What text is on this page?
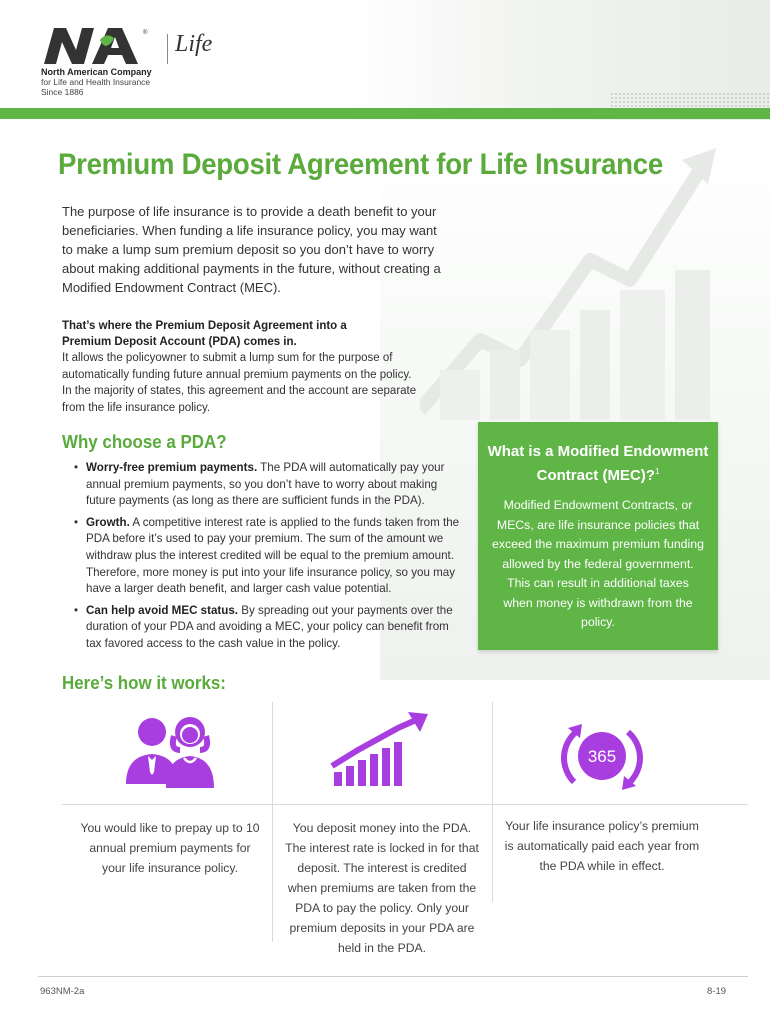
® Life
North American Company
for Life and Health Insurance
Since 1886
Premium Deposit Agreement for Life Insurance

The purpose of life insurance is to provide a death benefit to your beneficiaries. When funding a life insurance policy, you may want to make a lump sum premium deposit so you don’t have to worry about making additional payments in the future, without creating a Modified Endowment Contract (MEC).

That’s where the Premium Deposit Agreement into a Premium Deposit Account (PDA) comes in.

It allows the policyowner to submit a lump sum for the purpose of automatically funding future annual premium payments on the policy. In the majority of states, this agreement and the account are separate from the life insurance policy.

Why choose a PDA?
• Worry-free premium payments. The PDA will automatically pay your annual premium payments, so you don’t have to worry about making future payments (as long as there are sufficient funds in the PDA).
• Growth. A competitive interest rate is applied to the funds taken from the PDA before it’s used to pay your premium. The sum of the amount we withdraw plus the interest credited will be equal to the premium amount. Therefore, more money is put into your life insurance policy, so you may have a larger death benefit, and larger cash value potential.
• Can help avoid MEC status. By spreading out your payments over the duration of your PDA and avoiding a MEC, your policy can benefit from tax favored access to the cash value in the policy.
What is a Modified Endowment Contract (MEC)?$^1$
Modified Endowment Contracts, or MECs, are life insurance policies that exceed the maximum premium funding allowed by the federal government. This can result in additional taxes when money is withdrawn from the policy.
Here’s how it works:
You would like to prepay up to 10 annual premium payments for your life insurance policy.
You deposit money into the PDA. The interest rate is locked in for that deposit. The interest is credited when premiums are taken from the PDA to pay the policy. Only your premium deposits in your PDA are held in the PDA.
365
Your life insurance policy’s premium is automatically paid each year from the PDA while in effect.
963NM-2a	8-19
